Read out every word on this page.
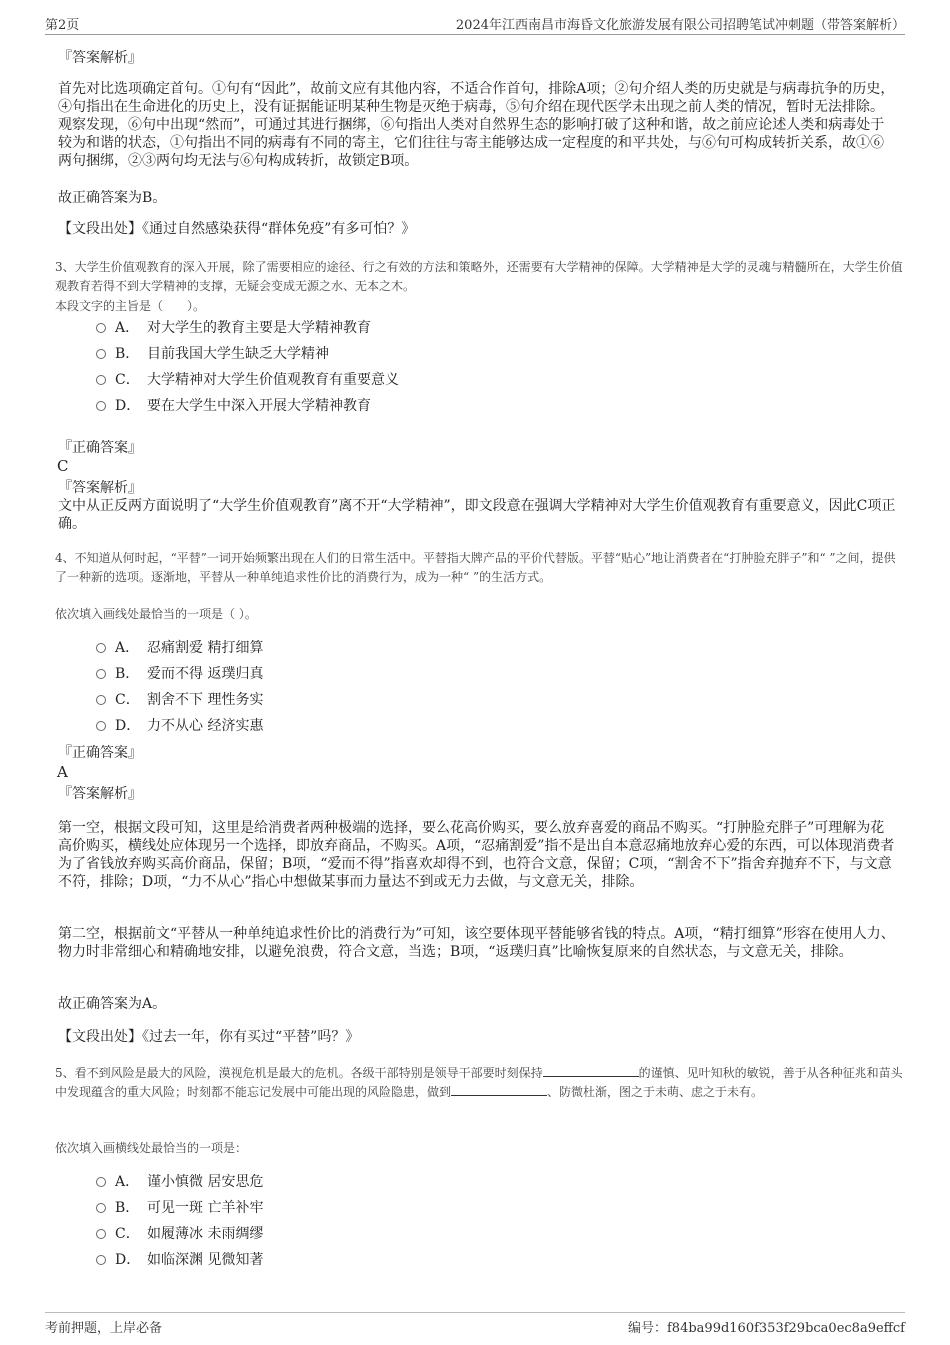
第2页	2024年江西南昌市海昏文化旅游发展有限公司招聘笔试冲刺题（带答案解析）
『答案解析』

首先对比选项确定首句。①句有“因此”，故前文应有其他内容，不适合作首句，排除A项；②句介绍人类的历史就是与病毒抗争的历史，④句指出在生命进化的历史上，没有证据能证明某种生物是灭绝于病毒，⑤句介绍在现代医学未出现之前人类的情况，暂时无法排除。观察发现，⑥句中出现“然而”，可通过其进行捆绑，⑥句指出人类对自然界生态的影响打破了这种和谐，故之前应论述人类和病毒处于较为和谐的状态，①句指出不同的病毒有不同的寄主，它们往往与寄主能够达成一定程度的和平共处，与⑥句可构成转折关系，故①⑥两句捆绑，②③两句均无法与⑥句构成转折，故锁定B项。

故正确答案为B。
【文段出处】《通过自然感染获得“群体免疫”有多可怕？》

3、大学生价值观教育的深入开展，除了需要相应的途径、行之有效的方法和策略外，还需要有大学精神的保障。大学精神是大学的灵魂与精髓所在，大学生价值观教育若得不到大学精神的支撑，无疑会变成无源之水、无本之木。

本段文字的主旨是（　　）。
A． 对大学生的教育主要是大学精神教育
B． 目前我国大学生缺乏大学精神
C． 大学精神对大学生价值观教育有重要意义
D． 要在大学生中深入开展大学精神教育
『正确答案』
C
『答案解析』

文中从正反两方面说明了“大学生价值观教育”离不开“大学精神”，即文段意在强调大学精神对大学生价值观教育有重要意义，因此C项正确。

4、不知道从何时起，“平替”一词开始频繁出现在人们的日常生活中。平替指大牌产品的平价代替版。平替“贴心”地让消费者在“打肿脸充胖子”和“ ”之间，提供了一种新的选项。逐渐地，平替从一种单纯追求性价比的消费行为，成为一种“ ”的生活方式。

依次填入画线处最恰当的一项是（ ）。
A． 忍痛割爱 精打细算
B． 爱而不得 返璞归真
C． 割舍不下 理性务实
D． 力不从心 经济实惠
『正确答案』
A
『答案解析』

第一空，根据文段可知，这里是给消费者两种极端的选择，要么花高价购买，要么放弃喜爱的商品不购买。“打肿脸充胖子”可理解为花高价购买，横线处应体现另一个选择，即放弃商品，不购买。A项，“忍痛割爱”指不是出自本意忍痛地放弃心爱的东西，可以体现消费者为了省钱放弃购买高价商品，保留；B项，“爱而不得”指喜欢却得不到，也符合文意，保留；C项，“割舍不下”指舍弃抛弃不下，与文意不符，排除；D项，“力不从心”指心中想做某事而力量达不到或无力去做，与文意无关，排除。

第二空，根据前文“平替从一种单纯追求性价比的消费行为”可知，该空要体现平替能够省钱的特点。A项，“精打细算”形容在使用人力、物力时非常细心和精确地安排，以避免浪费，符合文意，当选；B项，“返璞归真”比喻恢复原来的自然状态，与文意无关，排除。

故正确答案为A。
【文段出处】《过去一年，你有买过“平替”吗？》

5、看不到风险是最大的风险，漠视危机是最大的危机。各级干部特别是领导干部要时刻保持	的谨慎、见叶知秋的敏锐，善于从各种征兆和苗头中发现蕴含的重大风险；时刻都不能忘记发展中可能出现的风险隐患，做到	、防微杜渐，图之于未萌、虑之于未有。

依次填入画横线处最恰当的一项是：
A． 谨小慎微 居安思危
B． 可见一斑 亡羊补牢
C． 如履薄冰 未雨绸缪
D． 如临深渊 见微知著
考前押题，上岸必备	编号：f84ba99d160f353f29bca0ec8a9effcf
